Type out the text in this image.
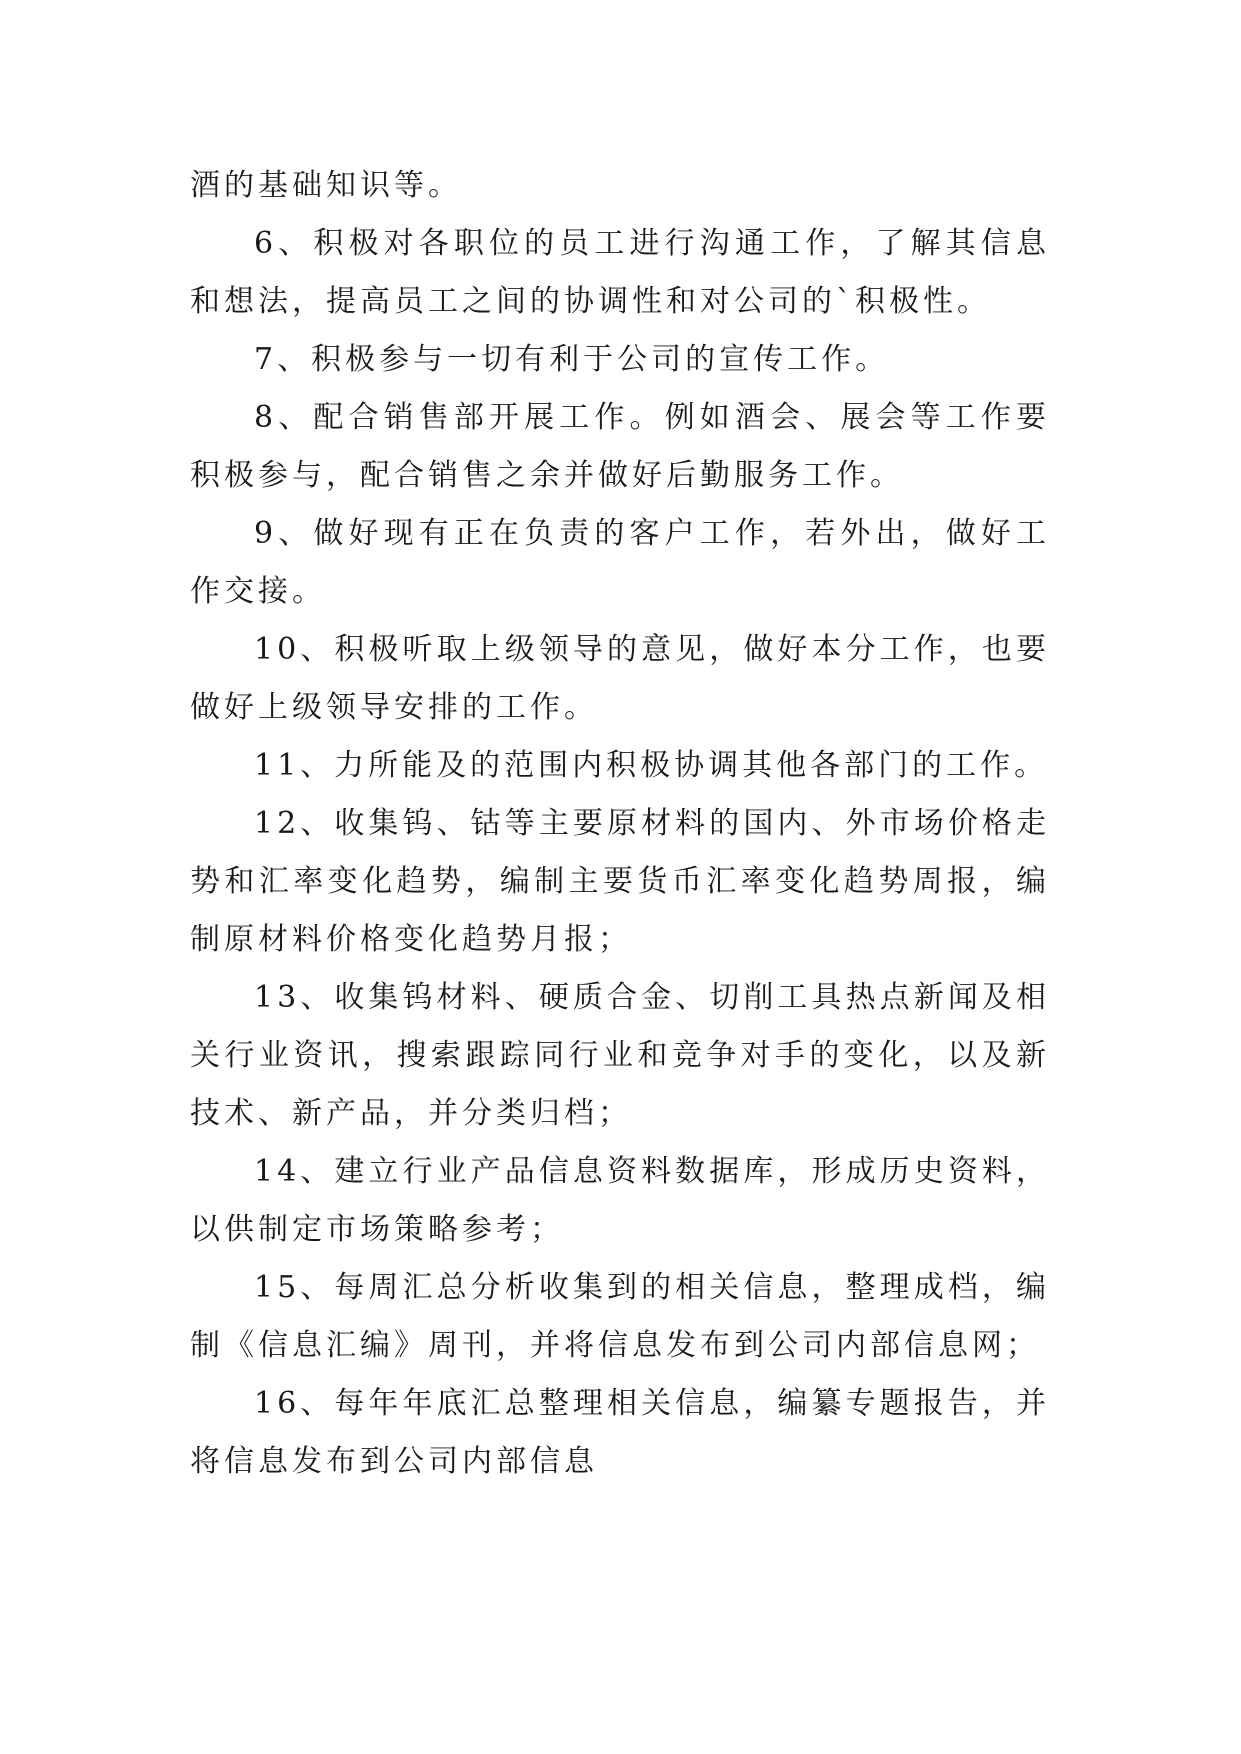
酒的基础知识等。

6、积极对各职位的员工进行沟通工作，了解其信息和想法，提高员工之间的协调性和对公司的`积极性。

7、积极参与一切有利于公司的宣传工作。

8、配合销售部开展工作。例如酒会、展会等工作要积极参与，配合销售之余并做好后勤服务工作。

9、做好现有正在负责的客户工作，若外出，做好工作交接。

10、积极听取上级领导的意见，做好本分工作，也要做好上级领导安排的工作。

11、力所能及的范围内积极协调其他各部门的工作。

12、收集钨、钴等主要原材料的国内、外市场价格走势和汇率变化趋势，编制主要货币汇率变化趋势周报，编制原材料价格变化趋势月报；

13、收集钨材料、硬质合金、切削工具热点新闻及相关行业资讯，搜索跟踪同行业和竞争对手的变化，以及新技术、新产品，并分类归档；

14、建立行业产品信息资料数据库，形成历史资料，以供制定市场策略参考；

15、每周汇总分析收集到的相关信息，整理成档，编制《信息汇编》周刊，并将信息发布到公司内部信息网；

16、每年年底汇总整理相关信息，编纂专题报告，并将信息发布到公司内部信息
